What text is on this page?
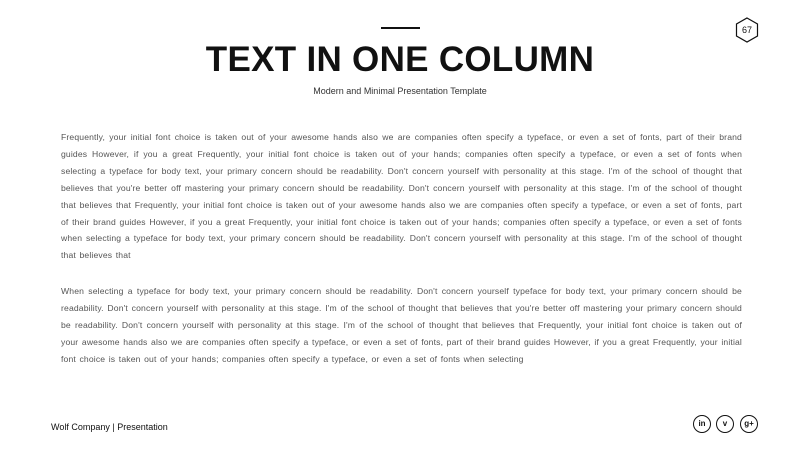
TEXT IN ONE COLUMN
Modern and Minimal Presentation Template
67

Frequently, your initial font choice is taken out of your awesome hands also we are companies often specify a typeface, or even a set of fonts, part of their brand guides However, if you a great Frequently, your initial font choice is taken out of your hands; companies often specify a typeface, or even a set of fonts when selecting a typeface for body text, your primary concern should be readability. Don't concern yourself with personality at this stage. I'm of the school of thought that believes that you're better off mastering your primary concern should be readability. Don't concern yourself with personality at this stage. I'm of the school of thought that believes that Frequently, your initial font choice is taken out of your awesome hands also we are companies often specify a typeface, or even a set of fonts, part of their brand guides However, if you a great Frequently, your initial font choice is taken out of your hands; companies often specify a typeface, or even a set of fonts when selecting a typeface for body text, your primary concern should be readability. Don't concern yourself with personality at this stage. I'm of the school of thought that believes that

When selecting a typeface for body text, your primary concern should be readability. Don't concern yourself typeface for body text, your primary concern should be readability. Don't concern yourself with personality at this stage. I'm of the school of thought that believes that you're better off mastering your primary concern should be readability. Don't concern yourself with personality at this stage. I'm of the school of thought that believes that Frequently, your initial font choice is taken out of your awesome hands also we are companies often specify a typeface, or even a set of fonts, part of their brand guides However, if you a great Frequently, your initial font choice is taken out of your hands; companies often specify a typeface, or even a set of fonts when selecting

Wolf Company | Presentation	in	v	g+
